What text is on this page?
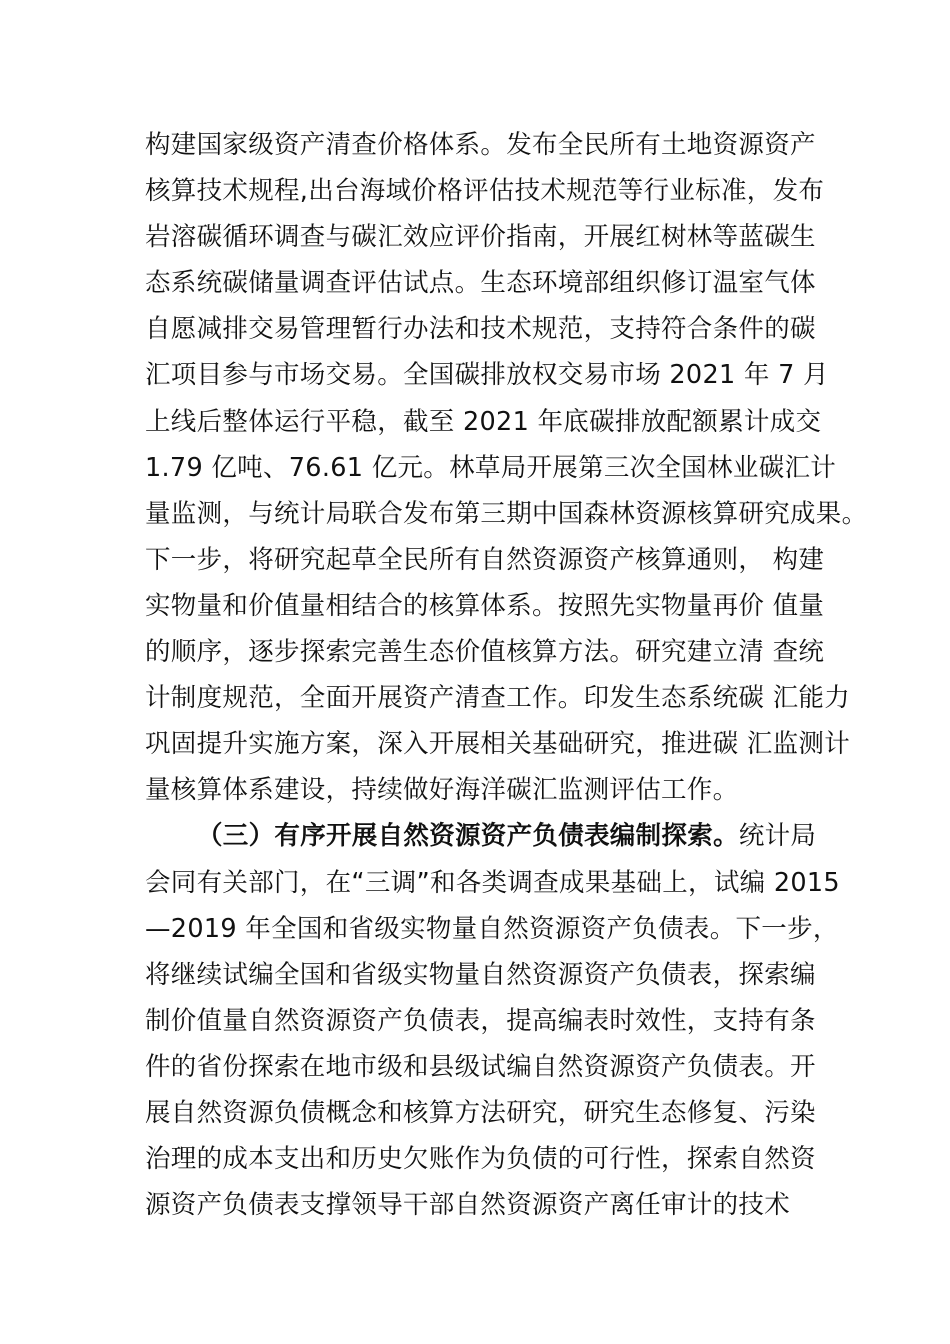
构建国家级资产清查价格体系。发布全民所有土地资源资产
核算技术规程,出台海域价格评估技术规范等行业标准，发布
岩溶碳循环调查与碳汇效应评价指南，开展红树林等蓝碳生
态系统碳储量调查评估试点。生态环境部组织修订温室气体
自愿减排交易管理暂行办法和技术规范，支持符合条件的碳
汇项目参与市场交易。全国碳排放权交易市场 2021 年 7 月
上线后整体运行平稳，截至 2021 年底碳排放配额累计成交
1.79 亿吨、76.61 亿元。林草局开展第三次全国林业碳汇计
量监测，与统计局联合发布第三期中国森林资源核算研究成果。
下一步，将研究起草全民所有自然资源资产核算通则， 构建
实物量和价值量相结合的核算体系。按照先实物量再价 值量
的顺序，逐步探索完善生态价值核算方法。研究建立清 查统
计制度规范，全面开展资产清查工作。印发生态系统碳 汇能力
巩固提升实施方案，深入开展相关基础研究，推进碳 汇监测计
量核算体系建设，持续做好海洋碳汇监测评估工作。
（三）有序开展自然资源资产负债表编制探索。统计局
会同有关部门，在“三调”和各类调查成果基础上，试编 2015
—2019 年全国和省级实物量自然资源资产负债表。下一步，
将继续试编全国和省级实物量自然资源资产负债表，探索编
制价值量自然资源资产负债表，提高编表时效性，支持有条
件的省份探索在地市级和县级试编自然资源资产负债表。开
展自然资源负债概念和核算方法研究，研究生态修复、污染
治理的成本支出和历史欠账作为负债的可行性，探索自然资
源资产负债表支撑领导干部自然资源资产离任审计的技术
